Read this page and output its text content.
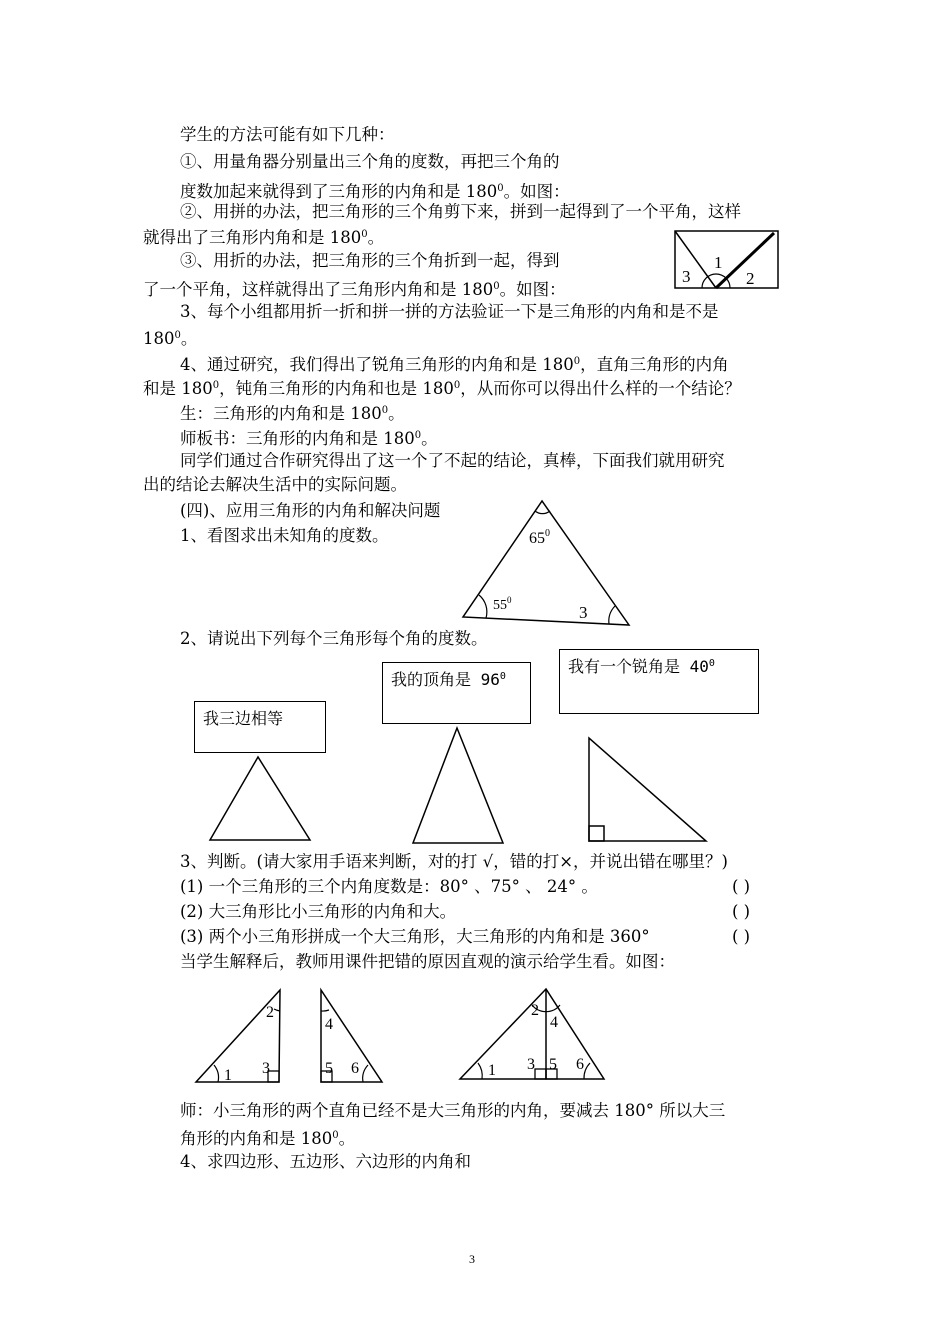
学生的方法可能有如下几种：
①、用量角器分别量出三个角的度数，再把三个角的
度数加起来就得到了三角形的内角和是 $180^0$。如图：
②、用拼的办法，把三角形的三个角剪下来，拼到一起得到了一个平角，这样
就得出了三角形内角和是 $180^0$。
③、用折的办法，把三角形的三个角折到一起，得到
了一个平角，这样就得出了三角形内角和是 $180^0$。如图：
3、每个小组都用折一折和拼一拼的方法验证一下是三角形的内角和是不是
$180^0$。
4、通过研究，我们得出了锐角三角形的内角和是 $180^0$，直角三角形的内角
和是 $180^0$，钝角三角形的内角和也是 $180^0$，从而你可以得出什么样的一个结论？
生：三角形的内角和是 $180^0$。
师板书：三角形的内角和是 $180^0$。
同学们通过合作研究得出了这一个了不起的结论，真棒，下面我们就用研究
出的结论去解决生活中的实际问题。
(四)、应用三角形的内角和解决问题
1、看图求出未知角的度数。
2、请说出下列每个三角形每个角的度数。
3、判断。(请大家用手语来判断，对的打 √，错的打×，并说出错在哪里？)
(1) 一个三角形的三个内角度数是：80° 、75° 、 24° 。	( )
(2) 大三角形比小三角形的内角和大。	( )
(3) 两个小三角形拼成一个大三角形，大三角形的内角和是 360°	( )
当学生解释后，教师用课件把错的原因直观的演示给学生看。如图：
师：小三角形的两个直角已经不是大三角形的内角，要减去 180° 所以大三
角形的内角和是 $180^0$。
4、求四边形、五边形、六边形的内角和
1
2
3
$65^0$
$55^0$
3
我三边相等
我的顶角是 $96^0$
我有一个锐角是 $40^0$
1
2
3
4
5 6	1
2
3
4
5 6
3
